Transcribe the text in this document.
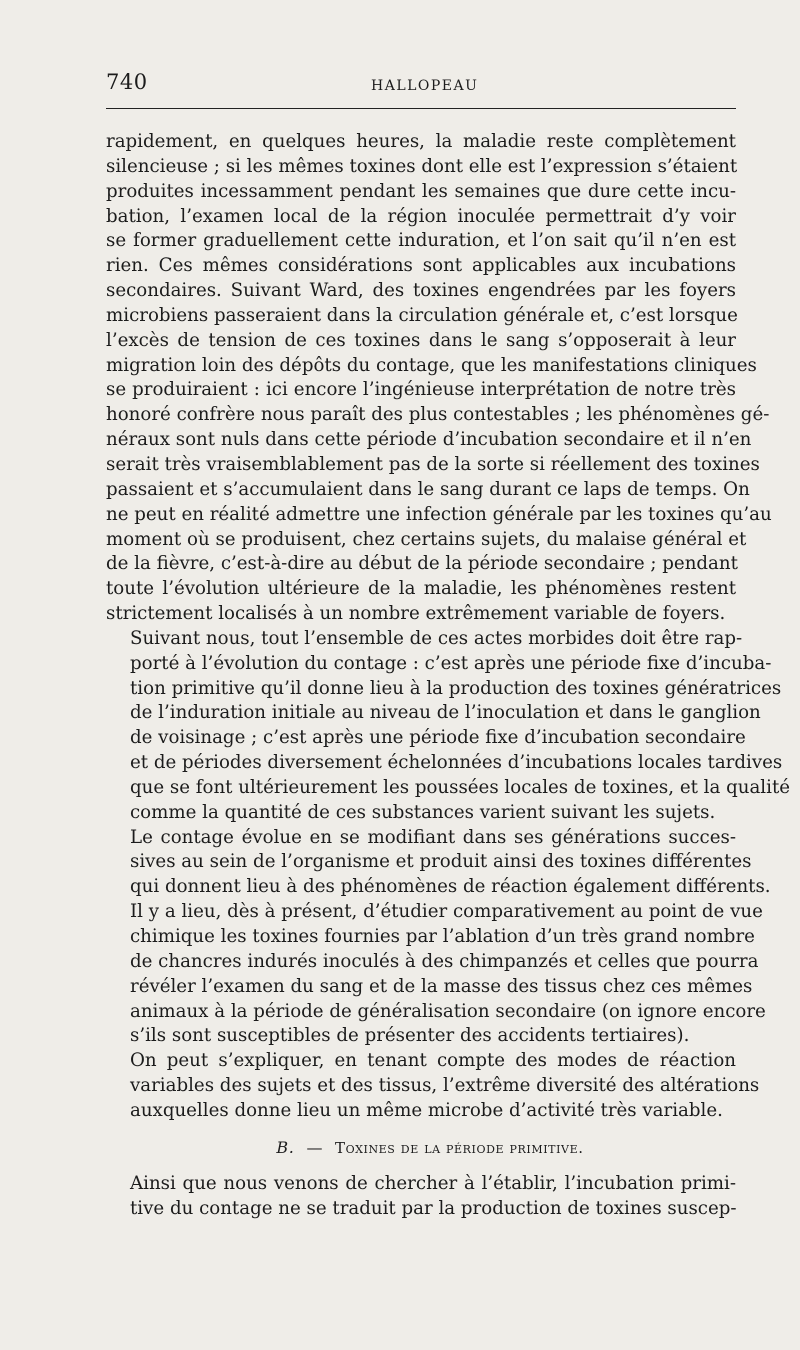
740	HALLOPEAU

rapidement, en quelques heures, la maladie reste complètement
silencieuse ; si les mêmes toxines dont elle est l’expression s’étaient
produites incessamment pendant les semaines que dure cette incu-
bation, l’examen local de la région inoculée permettrait d’y voir
se former graduellement cette induration, et l’on sait qu’il n’en est
rien. Ces mêmes considérations sont applicables aux incubations
secondaires. Suivant Ward, des toxines engendrées par les foyers
microbiens passeraient dans la circulation générale et, c’est lorsque
l’excès de tension de ces toxines dans le sang s’opposerait à leur
migration loin des dépôts du contage, que les manifestations cliniques
se produiraient : ici encore l’ingénieuse interprétation de notre très
honoré confrère nous paraît des plus contestables ; les phénomènes gé-
néraux sont nuls dans cette période d’incubation secondaire et il n’en
serait très vraisemblablement pas de la sorte si réellement des toxines
passaient et s’accumulaient dans le sang durant ce laps de temps. On
ne peut en réalité admettre une infection générale par les toxines qu’au
moment où se produisent, chez certains sujets, du malaise général et
de la fièvre, c’est-à-dire au début de la période secondaire ; pendant
toute l’évolution ultérieure de la maladie, les phénomènes restent
strictement localisés à un nombre extrêmement variable de foyers.

Suivant nous, tout l’ensemble de ces actes morbides doit être rap-
porté à l’évolution du contage : c’est après une période fixe d’incuba-
tion primitive qu’il donne lieu à la production des toxines génératrices
de l’induration initiale au niveau de l’inoculation et dans le ganglion
de voisinage ; c’est après une période fixe d’incubation secondaire
et de périodes diversement échelonnées d’incubations locales tardives
que se font ultérieurement les poussées locales de toxines, et la qualité
comme la quantité de ces substances varient suivant les sujets.

Le contage évolue en se modifiant dans ses générations succes-
sives au sein de l’organisme et produit ainsi des toxines différentes
qui donnent lieu à des phénomènes de réaction également différents.
Il y a lieu, dès à présent, d’étudier comparativement au point de vue
chimique les toxines fournies par l’ablation d’un très grand nombre
de chancres indurés inoculés à des chimpanzés et celles que pourra
révéler l’examen du sang et de la masse des tissus chez ces mêmes
animaux à la période de généralisation secondaire (on ignore encore
s’ils sont susceptibles de présenter des accidents tertiaires).

On peut s’expliquer, en tenant compte des modes de réaction
variables des sujets et des tissus, l’extrême diversité des altérations
auxquelles donne lieu un même microbe d’activité très variable.

B. — Toxines de la période primitive.

Ainsi que nous venons de chercher à l’établir, l’incubation primi-
tive du contage ne se traduit par la production de toxines suscep-
